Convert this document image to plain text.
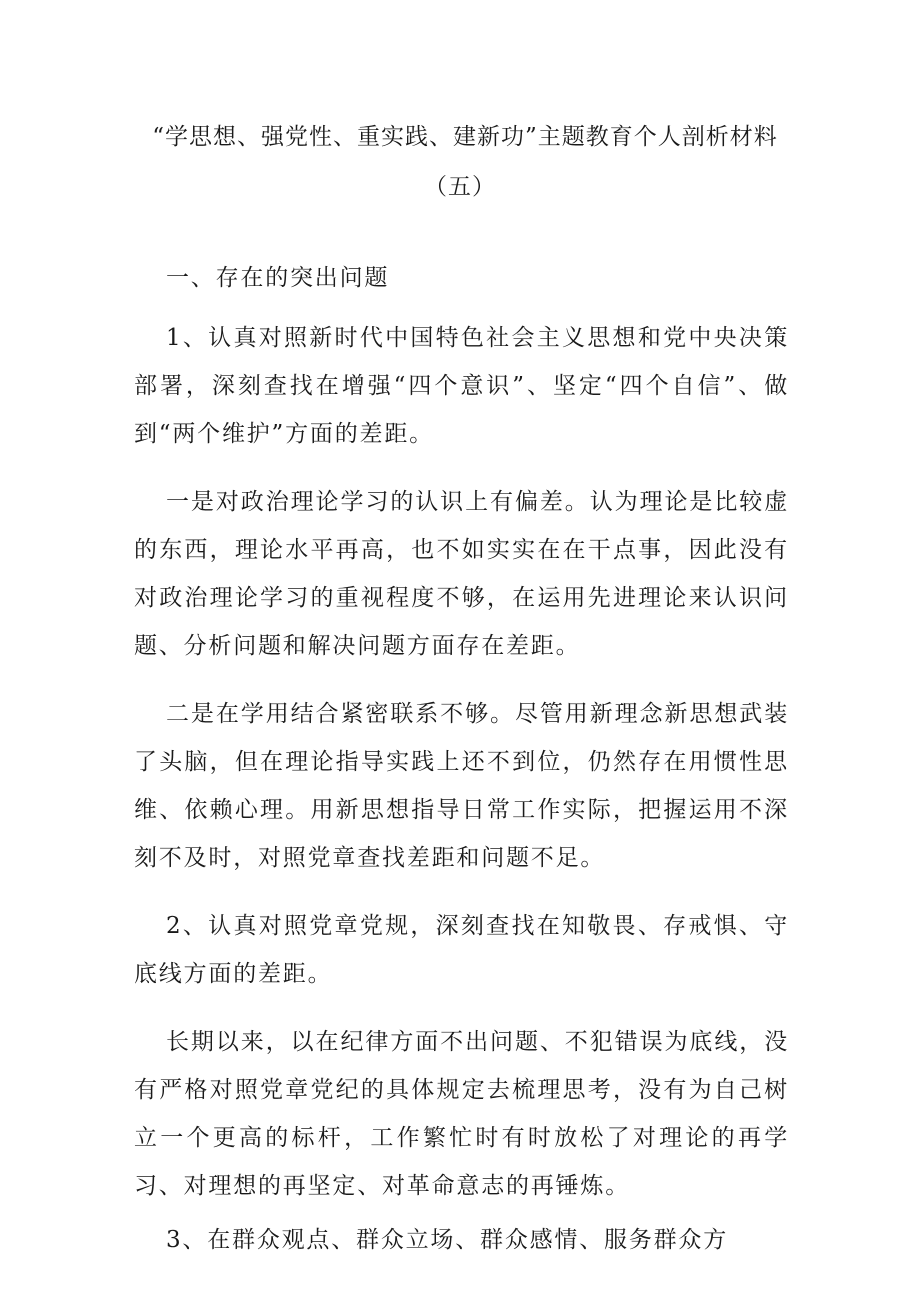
“学思想、强党性、重实践、建新功”主题教育个人剖析材料
（五）

一、存在的突出问题

1、认真对照新时代中国特色社会主义思想和党中央决策部署，深刻查找在增强“四个意识”、坚定“四个自信”、做到“两个维护”方面的差距。

一是对政治理论学习的认识上有偏差。认为理论是比较虚的东西，理论水平再高，也不如实实在在干点事，因此没有对政治理论学习的重视程度不够，在运用先进理论来认识问题、分析问题和解决问题方面存在差距。

二是在学用结合紧密联系不够。尽管用新理念新思想武装了头脑，但在理论指导实践上还不到位，仍然存在用惯性思维、依赖心理。用新思想指导日常工作实际，把握运用不深刻不及时，对照党章查找差距和问题不足。

2、认真对照党章党规，深刻查找在知敬畏、存戒惧、守底线方面的差距。

长期以来，以在纪律方面不出问题、不犯错误为底线，没有严格对照党章党纪的具体规定去梳理思考，没有为自己树立一个更高的标杆，工作繁忙时有时放松了对理论的再学习、对理想的再坚定、对革命意志的再锤炼。

3、在群众观点、群众立场、群众感情、服务群众方
